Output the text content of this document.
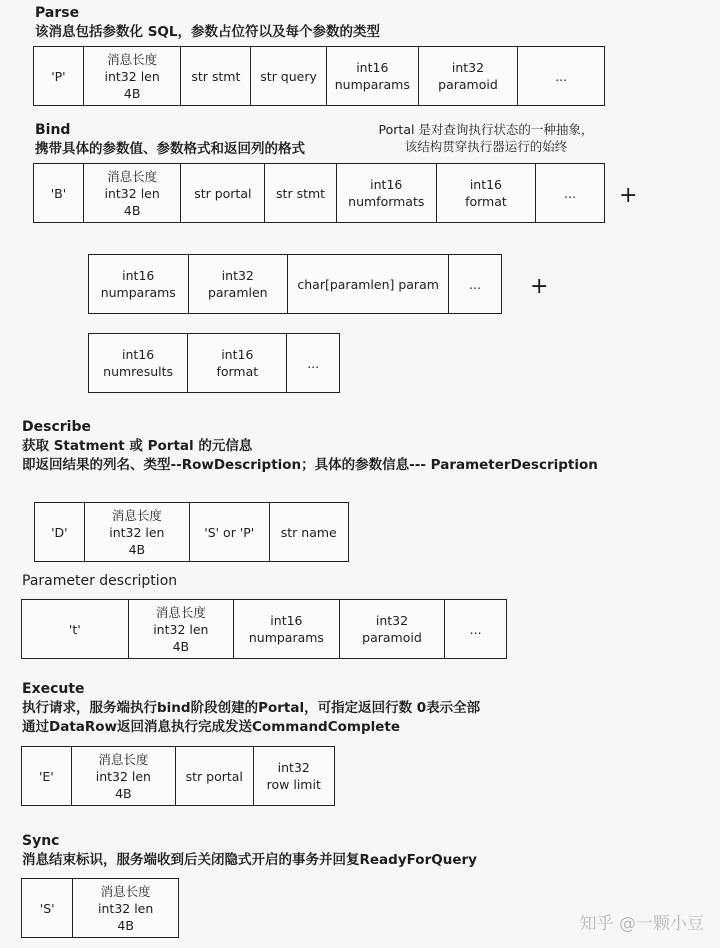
Parse
该消息包括参数化 SQL，参数占位符以及每个参数的类型
'P'
消息长度
int32 len
4B
str stmt str query
int16
numparams
int32
paramoid
...
Bind
携带具体的参数值、参数格式和返回列的格式
Portal 是对查询执行状态的一种抽象，
该结构贯穿执行器运行的始终
'B'
消息长度
int32 len
4B
str portal str stmt
int16
numformats
int16
format
... +
int16
numparams
int32
paramlen
char[paramlen] param ... +
int16
numresults
int16
format
...
Describe
获取 Statment 或 Portal 的元信息
即返回结果的列名、类型--RowDescription；具体的参数信息--- ParameterDescription
'D'
消息长度
int32 len
4B
'S' or 'P' str name
Parameter description
't'
消息长度
int32 len
4B
int16
numparams
int32
paramoid
...
Execute
执行请求，服务端执行bind阶段创建的Portal，可指定返回行数 0表示全部
通过DataRow返回消息执行完成发送CommandComplete
'E'
消息长度
int32 len
4B
str portal
int32
row limit
Sync
消息结束标识，服务端收到后关闭隐式开启的事务并回复ReadyForQuery
'S'
消息长度
int32 len
4B	知乎 @一颗小豆
